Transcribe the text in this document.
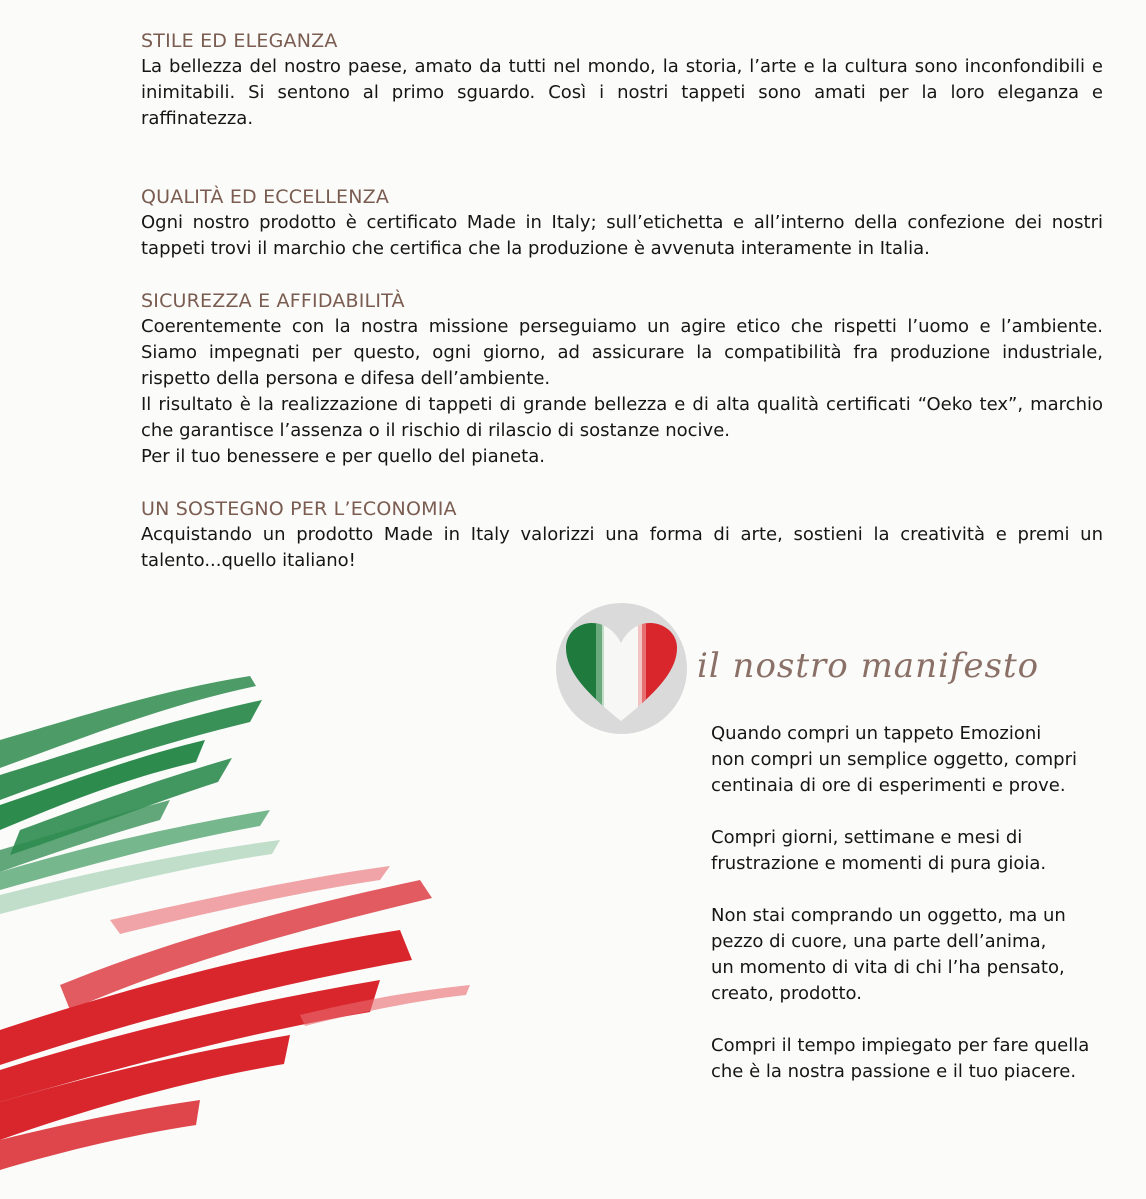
STILE ED ELEGANZA

La bellezza del nostro paese, amato da tutti nel mondo, la storia, l’arte e la cultura sono inconfondibili e inimitabili. Si sentono al primo sguardo. Così i nostri tappeti sono amati per la loro eleganza e raffinatezza.

QUALITÀ ED ECCELLENZA

Ogni nostro prodotto è certificato Made in Italy; sull’etichetta e all’interno della confezione dei nostri tappeti trovi il marchio che certifica che la produzione è avvenuta interamente in Italia.

SICUREZZA E AFFIDABILITÀ

Coerentemente con la nostra missione perseguiamo un agire etico che rispetti l’uomo e l’ambiente. Siamo impegnati per questo, ogni giorno, ad assicurare la compatibilità fra produzione industriale, rispetto della persona e difesa dell’ambiente.

Il risultato è la realizzazione di tappeti di grande bellezza e di alta qualità certificati “Oeko tex”, marchio che garantisce l’assenza o il rischio di rilascio di sostanze nocive.

Per il tuo benessere e per quello del pianeta.

UN SOSTEGNO PER L’ECONOMIA

Acquistando un prodotto Made in Italy valorizzi una forma di arte, sostieni la creatività e premi un talento...quello italiano!

il nostro manifesto

Quando compri un tappeto Emozioni
non compri un semplice oggetto, compri
centinaia di ore di esperimenti e prove.

Compri giorni, settimane e mesi di
frustrazione e momenti di pura gioia.

Non stai comprando un oggetto, ma un
pezzo di cuore, una parte dell’anima,
un momento di vita di chi l’ha pensato,
creato, prodotto.

Compri il tempo impiegato per fare quella
che è la nostra passione e il tuo piacere.
